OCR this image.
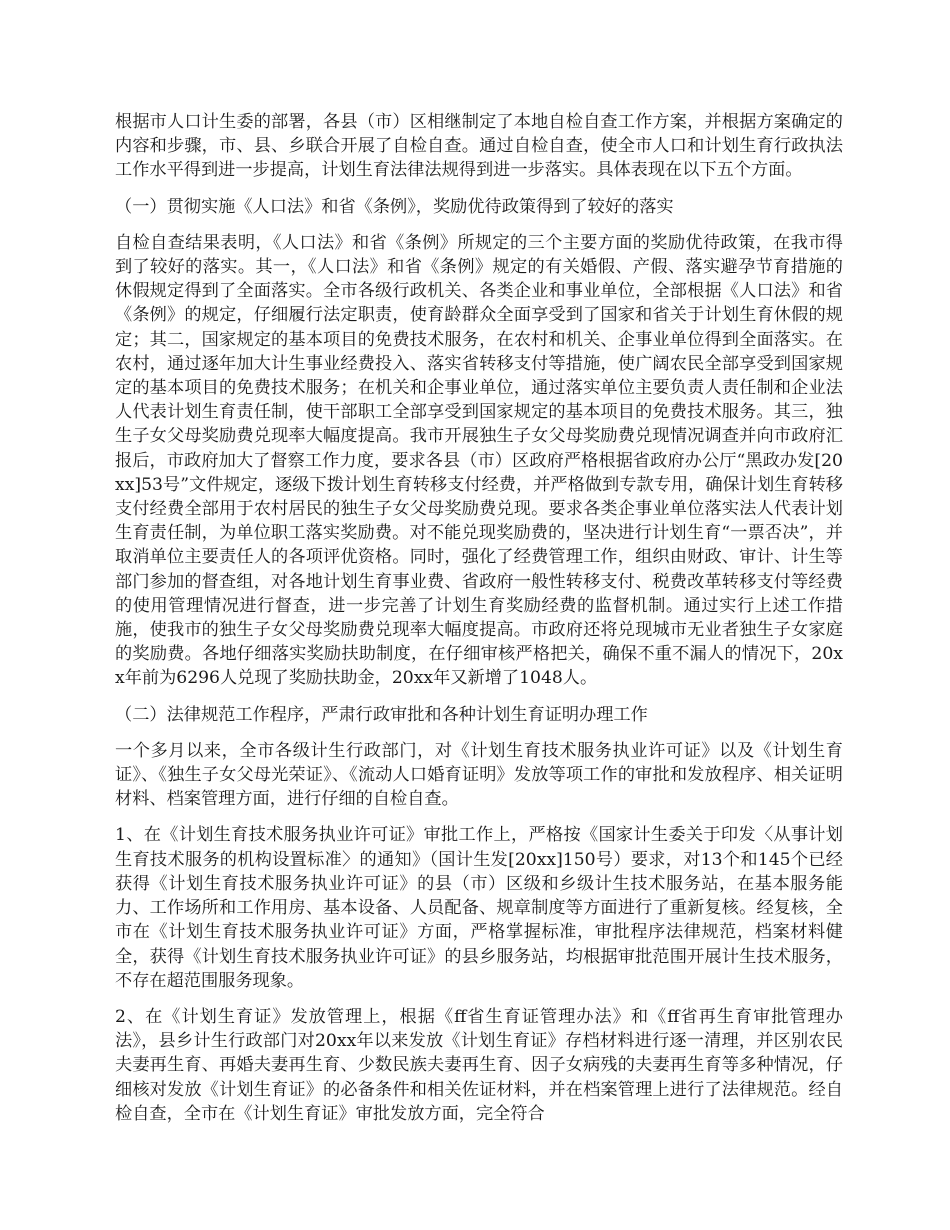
根据市人口计生委的部署，各县（市）区相继制定了本地自检自查工作方案，并根据方案确定的内容和步骤，市、县、乡联合开展了自检自查。通过自检自查，使全市人口和计划生育行政执法工作水平得到进一步提高，计划生育法律法规得到进一步落实。具体表现在以下五个方面。

（一）贯彻实施《人口法》和省《条例》，奖励优待政策得到了较好的落实

自检自查结果表明，《人口法》和省《条例》所规定的三个主要方面的奖励优待政策，在我市得到了较好的落实。其一，《人口法》和省《条例》规定的有关婚假、产假、落实避孕节育措施的休假规定得到了全面落实。全市各级行政机关、各类企业和事业单位，全部根据《人口法》和省《条例》的规定，仔细履行法定职责，使育龄群众全面享受到了国家和省关于计划生育休假的规定；其二，国家规定的基本项目的免费技术服务，在农村和机关、企事业单位得到全面落实。在农村，通过逐年加大计生事业经费投入、落实省转移支付等措施，使广阔农民全部享受到国家规定的基本项目的免费技术服务；在机关和企事业单位，通过落实单位主要负责人责任制和企业法人代表计划生育责任制，使干部职工全部享受到国家规定的基本项目的免费技术服务。其三，独生子女父母奖励费兑现率大幅度提高。我市开展独生子女父母奖励费兑现情况调查并向市政府汇报后，市政府加大了督察工作力度，要求各县（市）区政府严格根据省政府办公厅“黑政办发[20xx]53号”文件规定，逐级下拨计划生育转移支付经费，并严格做到专款专用，确保计划生育转移支付经费全部用于农村居民的独生子女父母奖励费兑现。要求各类企事业单位落实法人代表计划生育责任制，为单位职工落实奖励费。对不能兑现奖励费的，坚决进行计划生育“一票否决”，并取消单位主要责任人的各项评优资格。同时，强化了经费管理工作，组织由财政、审计、计生等部门参加的督查组，对各地计划生育事业费、省政府一般性转移支付、税费改革转移支付等经费的使用管理情况进行督查，进一步完善了计划生育奖励经费的监督机制。通过实行上述工作措施，使我市的独生子女父母奖励费兑现率大幅度提高。市政府还将兑现城市无业者独生子女家庭的奖励费。各地仔细落实奖励扶助制度，在仔细审核严格把关，确保不重不漏人的情况下，20xx年前为6296人兑现了奖励扶助金，20xx年又新增了1048人。

（二）法律规范工作程序，严肃行政审批和各种计划生育证明办理工作

一个多月以来，全市各级计生行政部门，对《计划生育技术服务执业许可证》以及《计划生育证》、《独生子女父母光荣证》、《流动人口婚育证明》发放等项工作的审批和发放程序、相关证明材料、档案管理方面，进行仔细的自检自查。

1、在《计划生育技术服务执业许可证》审批工作上，严格按《国家计生委关于印发〈从事计划生育技术服务的机构设置标准〉的通知》（国计生发[20xx]150号）要求，对13个和145个已经获得《计划生育技术服务执业许可证》的县（市）区级和乡级计生技术服务站，在基本服务能力、工作场所和工作用房、基本设备、人员配备、规章制度等方面进行了重新复核。经复核，全市在《计划生育技术服务执业许可证》方面，严格掌握标准，审批程序法律规范，档案材料健全，获得《计划生育技术服务执业许可证》的县乡服务站，均根据审批范围开展计生技术服务，不存在超范围服务现象。

2、在《计划生育证》发放管理上，根据《ff省生育证管理办法》和《ff省再生育审批管理办法》，县乡计生行政部门对20xx年以来发放《计划生育证》存档材料进行逐一清理，并区别农民夫妻再生育、再婚夫妻再生育、少数民族夫妻再生育、因子女病残的夫妻再生育等多种情况，仔细核对发放《计划生育证》的必备条件和相关佐证材料，并在档案管理上进行了法律规范。经自检自查，全市在《计划生育证》审批发放方面，完全符合
